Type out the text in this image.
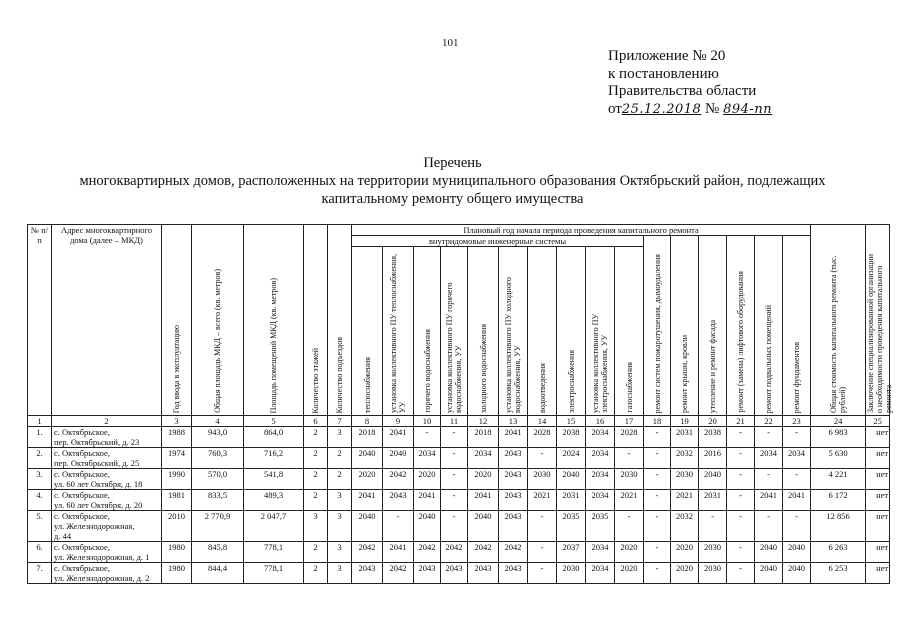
101
Приложение № 20
к постановлению
Правительства области
от25.12.2018 № 894-пп
Перечень
многоквартирных домов, расположенных на территории муниципального образования Октябрьский район, подлежащих
капитальному ремонту общего имущества
№ п/п	Адрес многоквартирного дома (далее – МКД)	Год ввода в эксплуатацию	Общая площадь МКД – всего (кв. метров)	Площадь помещений МКД (кв. метров)	Количество этажей	Количество подъездов	Плановый год начала периода проведения капитального ремонта																Общая стоимость капитального ремонта (тыс. рублей)	Заключение специализированной организации о необходимости проведения капитального ремонта

							внутридомовые инженерные системы										ремонт систем пожаротушения, дымоудаления	ремонт крыши, кровли	утепление и ремонт фасада	ремонт (замена) лифтового оборудования	ремонт подвальных помещений	ремонт фундаментов		

							теплоснабжения	установка коллективного ПУ теплоснабжения, УУ	горячего водоснабжения	установка коллективного ПУ горячего водоснабжения, УУ	холодного водоснабжения	установка коллективного ПУ холодного водоснабжения, УУ	водоотведения	электроснабжения	установка коллективного ПУ электроснабжения, УУ	газоснабжения								

1	2	3	4	5	6	7	8	9	10	11	12	13	14	15	16	17	18	19	20	21	22	23	24	25
1.	с. Октябрьское,
пер. Октябрьский, д. 23	1988	943,0	864,0	2	3	2018	2041	-	-	2018	2041	2028	2038	2034	2028	-	2031	2038	-	-	-	6 983	нет
2.	с. Октябрьское,
пер. Октябрьский, д. 25	1974	760,3	716,2	2	2	2040	2040	2034	-	2034	2043	-	2024	2034	-	-	2032	2016	-	2034	2034	5 630	нет
3.	с. Октябрьское,
ул. 60 лет Октября, д. 18	1990	570,0	541,8	2	2	2020	2042	2020	-	2020	2043	2030	2040	2034	2030	-	2030	2040	-	-	-	4 221	нет
4.	с. Октябрьское,
ул. 60 лет Октября, д. 20	1981	833,5	489,3	2	3	2041	2043	2041	-	2041	2043	2021	2031	2034	2021	-	2021	2031	-	2041	2041	6 172	нет
5.	с. Октябрьское,
ул. Железнодорожная,
д. 44	2010	2 770,9	2 047,7	3	3	2040	-	2040	-	2040	2043	-	2035	2035	-	-	2032	-	-	-	-	12 856	нет
6.	с. Октябрьское,
ул. Железнодорожная, д. 1	1980	845,8	778,1	2	3	2042	2041	2042	2042	2042	2042	-	2037	2034	2020	-	2020	2030	-	2040	2040	6 263	нет
7.	с. Октябрьское,
ул. Железнодорожная, д. 2	1980	844,4	778,1	2	3	2043	2042	2043	2043	2043	2043	-	2030	2034	2020	-	2020	2030	-	2040	2040	6 253	нет
